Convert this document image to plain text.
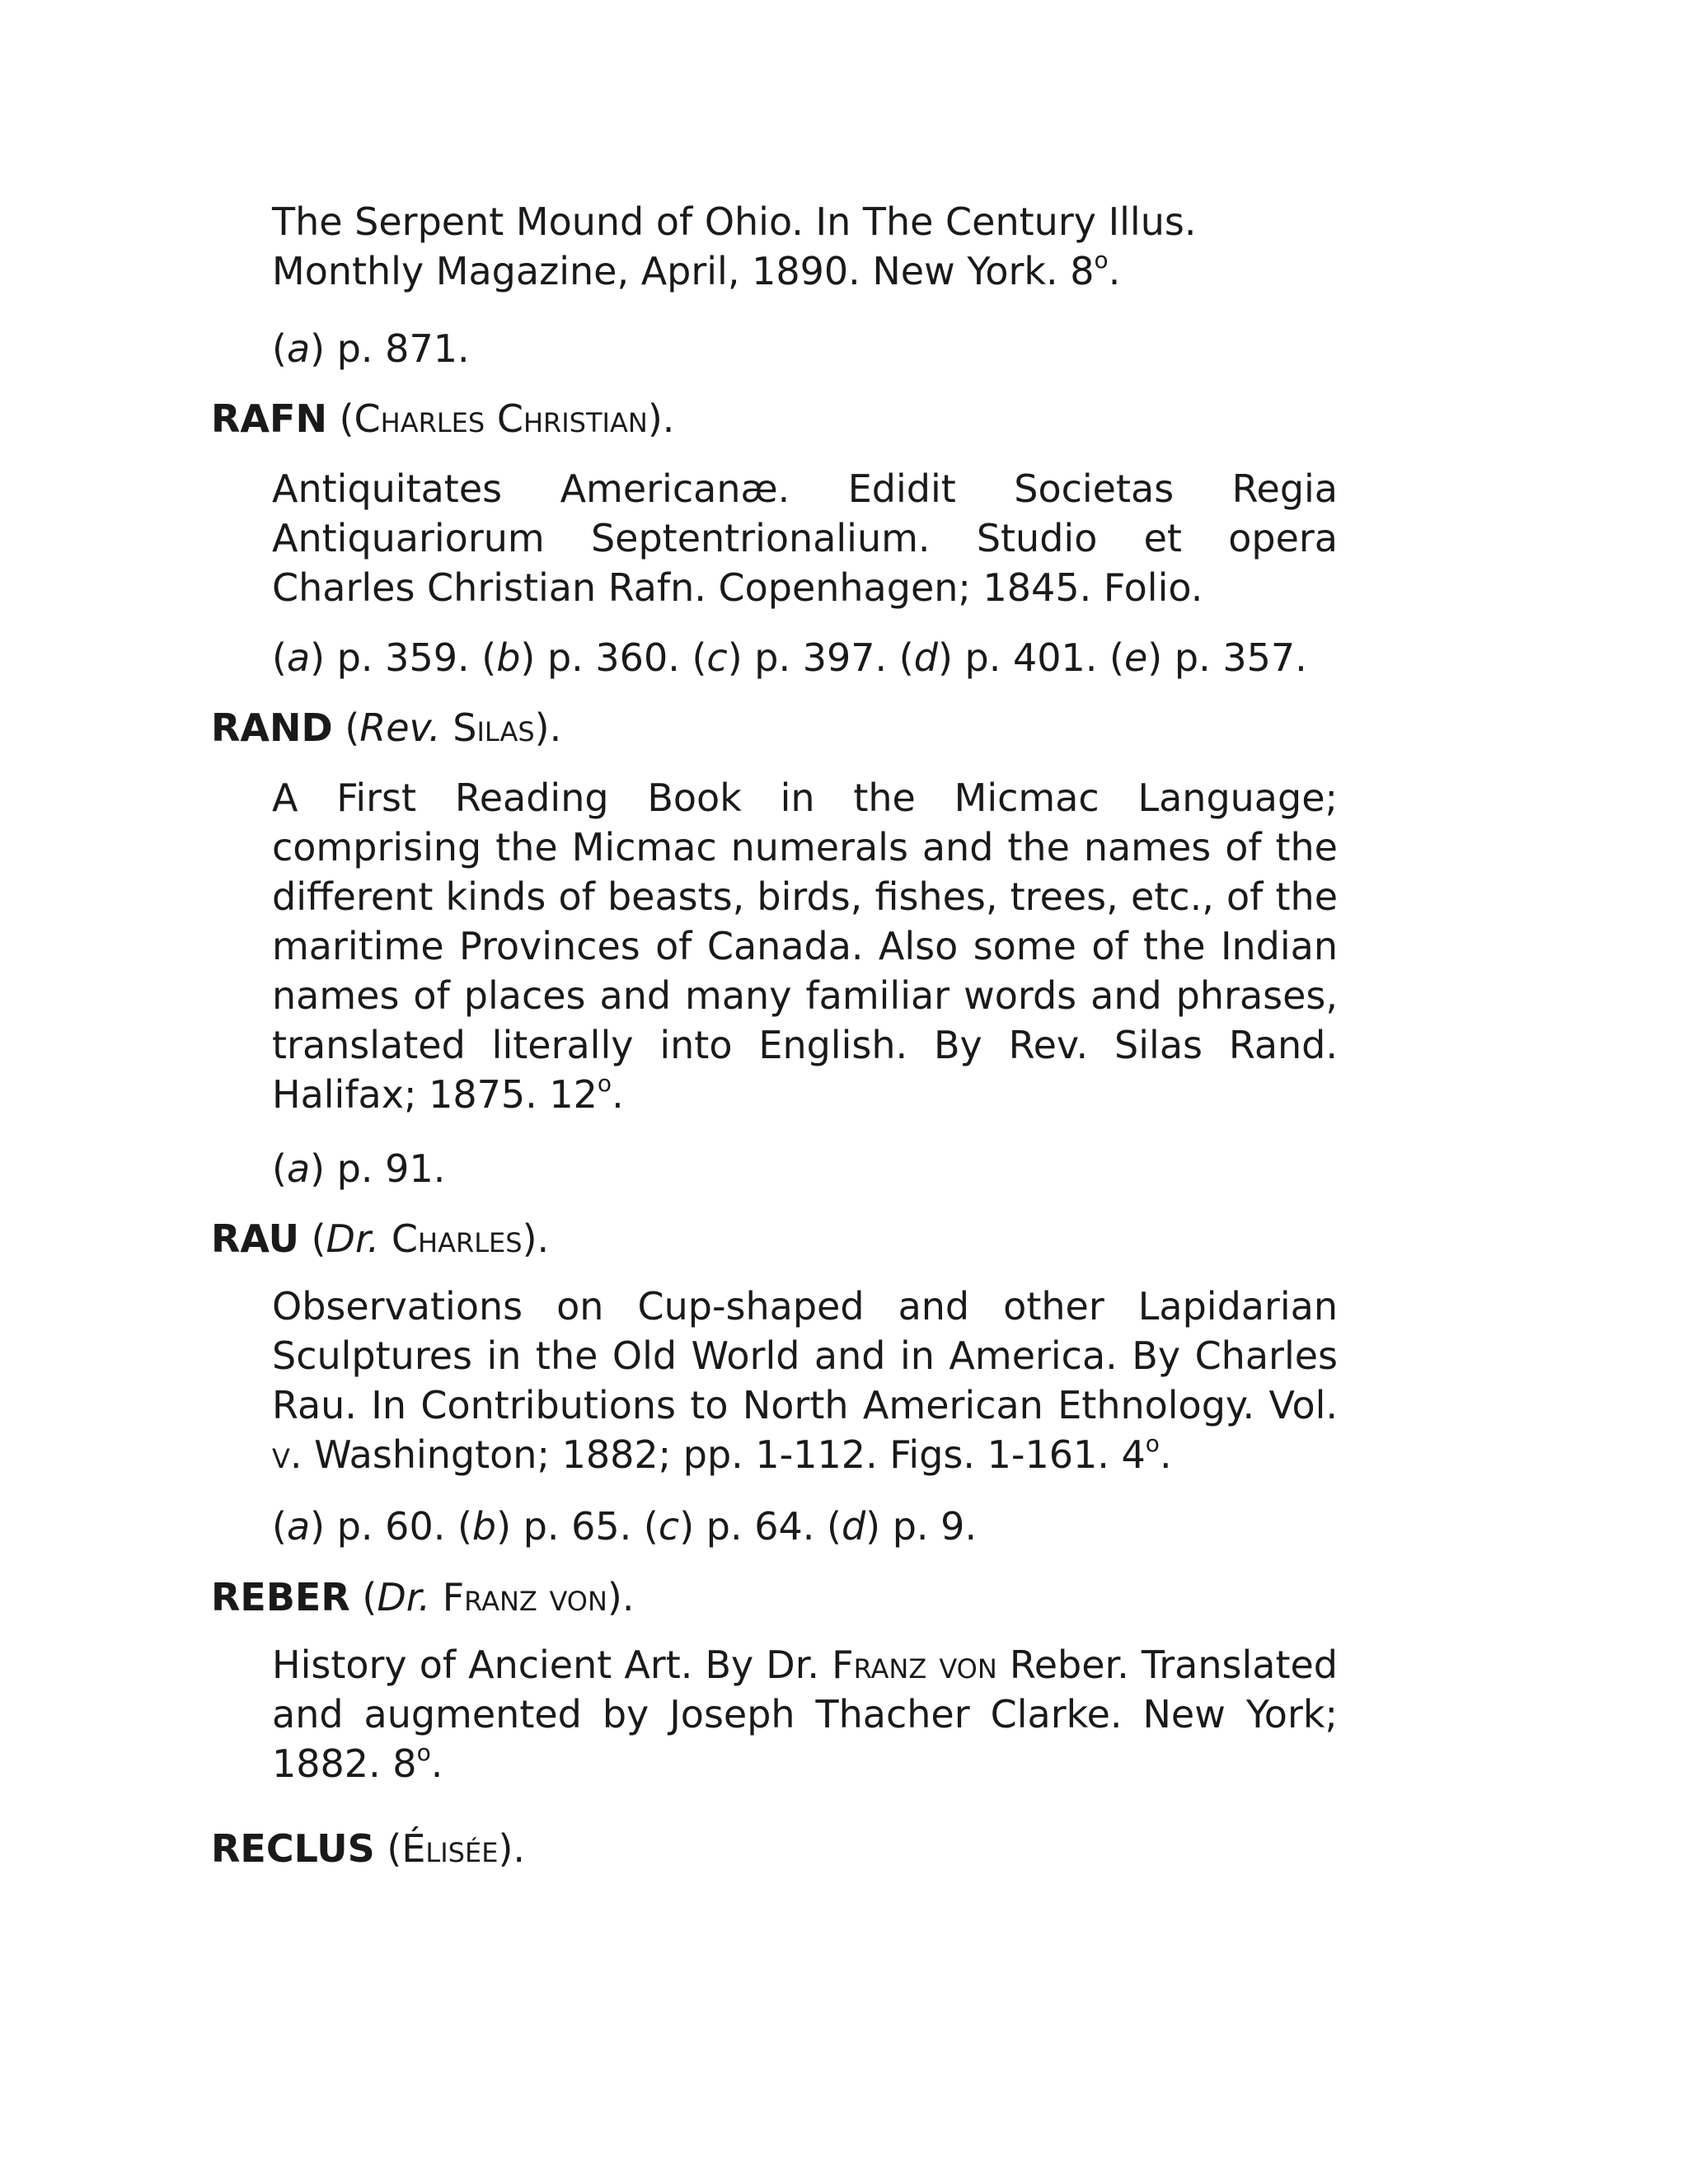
The Serpent Mound of Ohio. In The Century Illus. Monthly Magazine, April, 1890. New York. 8$^o$.

(a) p. 871.

RAFN (Charles Christian).

Antiquitates Americanæ. Edidit Societas Regia Antiquariorum Septentrionalium. Studio et opera Charles Christian Rafn. Copenhagen; 1845. Folio.

(a) p. 359. (b) p. 360. (c) p. 397. (d) p. 401. (e) p. 357.

RAND (Rev. Silas).

A First Reading Book in the Micmac Language; comprising the Micmac numerals and the names of the different kinds of beasts, birds, fishes, trees, etc., of the maritime Provinces of Canada. Also some of the Indian names of places and many familiar words and phrases, translated literally into English. By Rev. Silas Rand. Halifax; 1875. 12$^o$.

(a) p. 91.

RAU (Dr. Charles).

Observations on Cup-shaped and other Lapidarian Sculptures in the Old World and in America. By Charles Rau. In Contributions to North American Ethnology. Vol. v. Washington; 1882; pp. 1-112. Figs. 1-161. 4$^o$.

(a) p. 60. (b) p. 65. (c) p. 64. (d) p. 9.

REBER (Dr. Franz von).

History of Ancient Art. By Dr. Franz von Reber. Translated and augmented by Joseph Thacher Clarke. New York; 1882. 8$^o$.

RECLUS (Élisée).
